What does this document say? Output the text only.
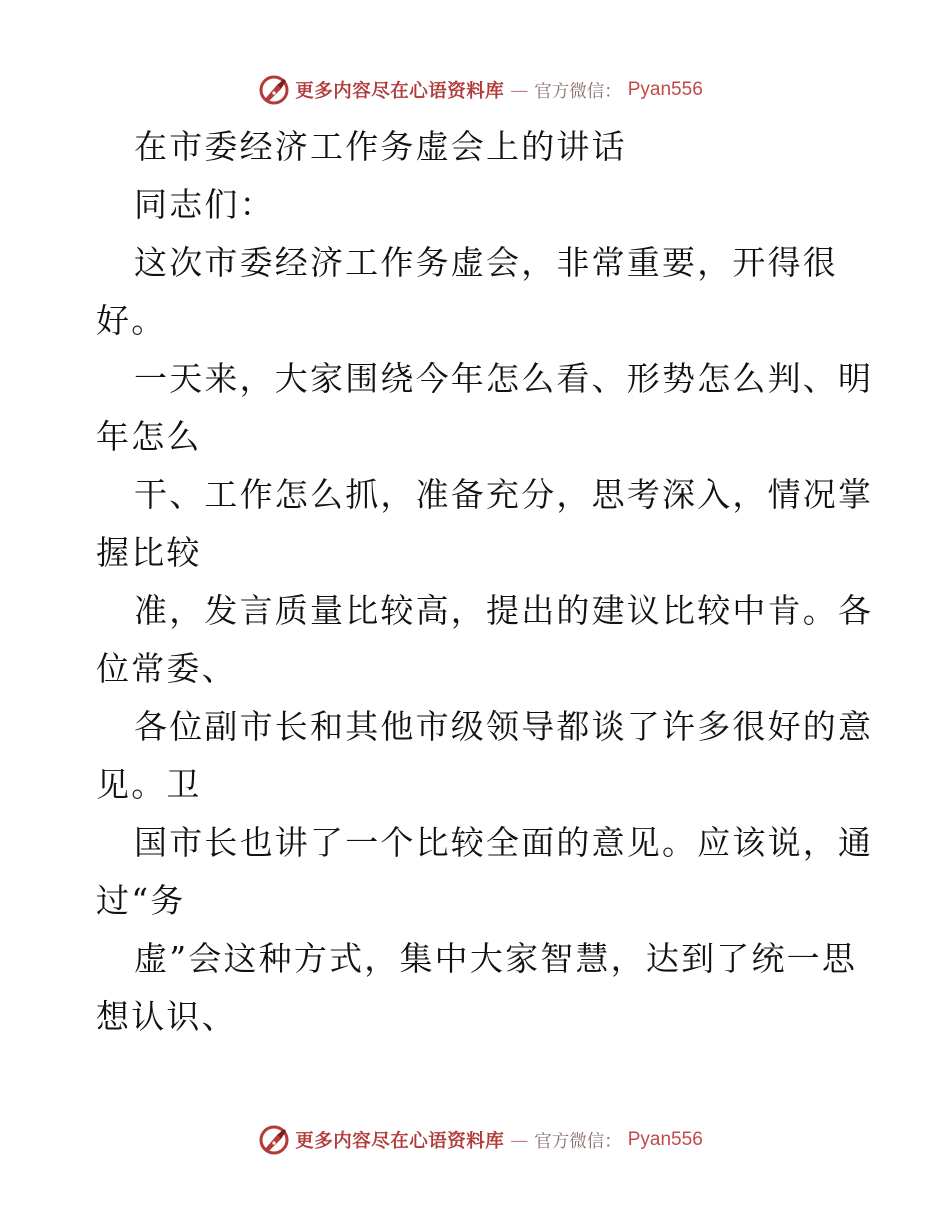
更多内容尽在心语资料库 — 官方微信： Pyan556
在市委经济工作务虚会上的讲话
同志们：
这次市委经济工作务虚会，非常重要，开得很
好。
一天来，大家围绕今年怎么看、形势怎么判、明
年怎么
干、工作怎么抓，准备充分，思考深入，情况掌
握比较
准，发言质量比较高，提出的建议比较中肯。各
位常委、
各位副市长和其他市级领导都谈了许多很好的意
见。卫
国市长也讲了一个比较全面的意见。应该说，通
过“务
虚”会这种方式，集中大家智慧，达到了统一思
想认识、
更多内容尽在心语资料库 — 官方微信： Pyan556
